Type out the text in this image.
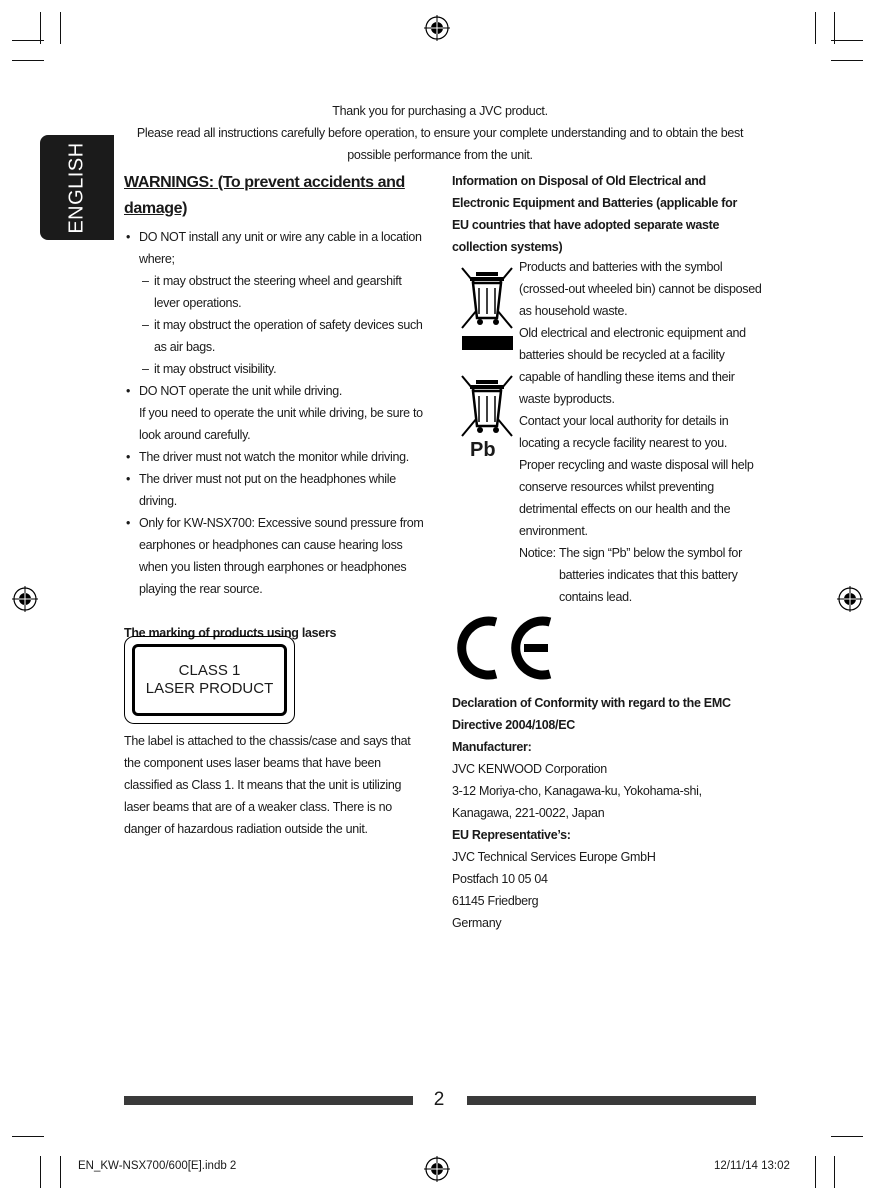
ENGLISH
Thank you for purchasing a JVC product.
Please read all instructions carefully before operation, to ensure your complete understanding and to obtain the best possible performance from the unit.
WARNINGS: (To prevent accidents and
damage)
• DO NOT install any unit or wire any cable in a location where;
– it may obstruct the steering wheel and gearshift lever operations.
– it may obstruct the operation of safety devices such as air bags.
– it may obstruct visibility.
• DO NOT operate the unit while driving.
If you need to operate the unit while driving, be sure to look around carefully.
• The driver must not watch the monitor while driving.
• The driver must not put on the headphones while driving.
• Only for KW-NSX700: Excessive sound pressure from earphones or headphones can cause hearing loss when you listen through earphones or headphones playing the rear source.
The marking of products using lasers
CLASS 1
LASER PRODUCT
The label is attached to the chassis/case and says that the component uses laser beams that have been classified as Class 1. It means that the unit is utilizing laser beams that are of a weaker class. There is no danger of hazardous radiation outside the unit.
Information on Disposal of Old Electrical and Electronic Equipment and Batteries (applicable for EU countries that have adopted separate waste collection systems)
Pb
Products and batteries with the symbol (crossed-out wheeled bin) cannot be disposed as household waste.
Old electrical and electronic equipment and batteries should be recycled at a facility capable of handling these items and their waste byproducts.
Contact your local authority for details in locating a recycle facility nearest to you. Proper recycling and waste disposal will help conserve resources whilst preventing detrimental effects on our health and the environment.
Notice: The sign “Pb” below the symbol for batteries indicates that this battery contains lead.
Declaration of Conformity with regard to the EMC Directive 2004/108/EC
Manufacturer:
JVC KENWOOD Corporation
3-12 Moriya-cho, Kanagawa-ku, Yokohama-shi,
Kanagawa, 221-0022, Japan
EU Representative’s:
JVC Technical Services Europe GmbH
Postfach 10 05 04
61145 Friedberg
Germany
2
EN_KW-NSX700/600[E].indb 2	12/11/14 13:02
